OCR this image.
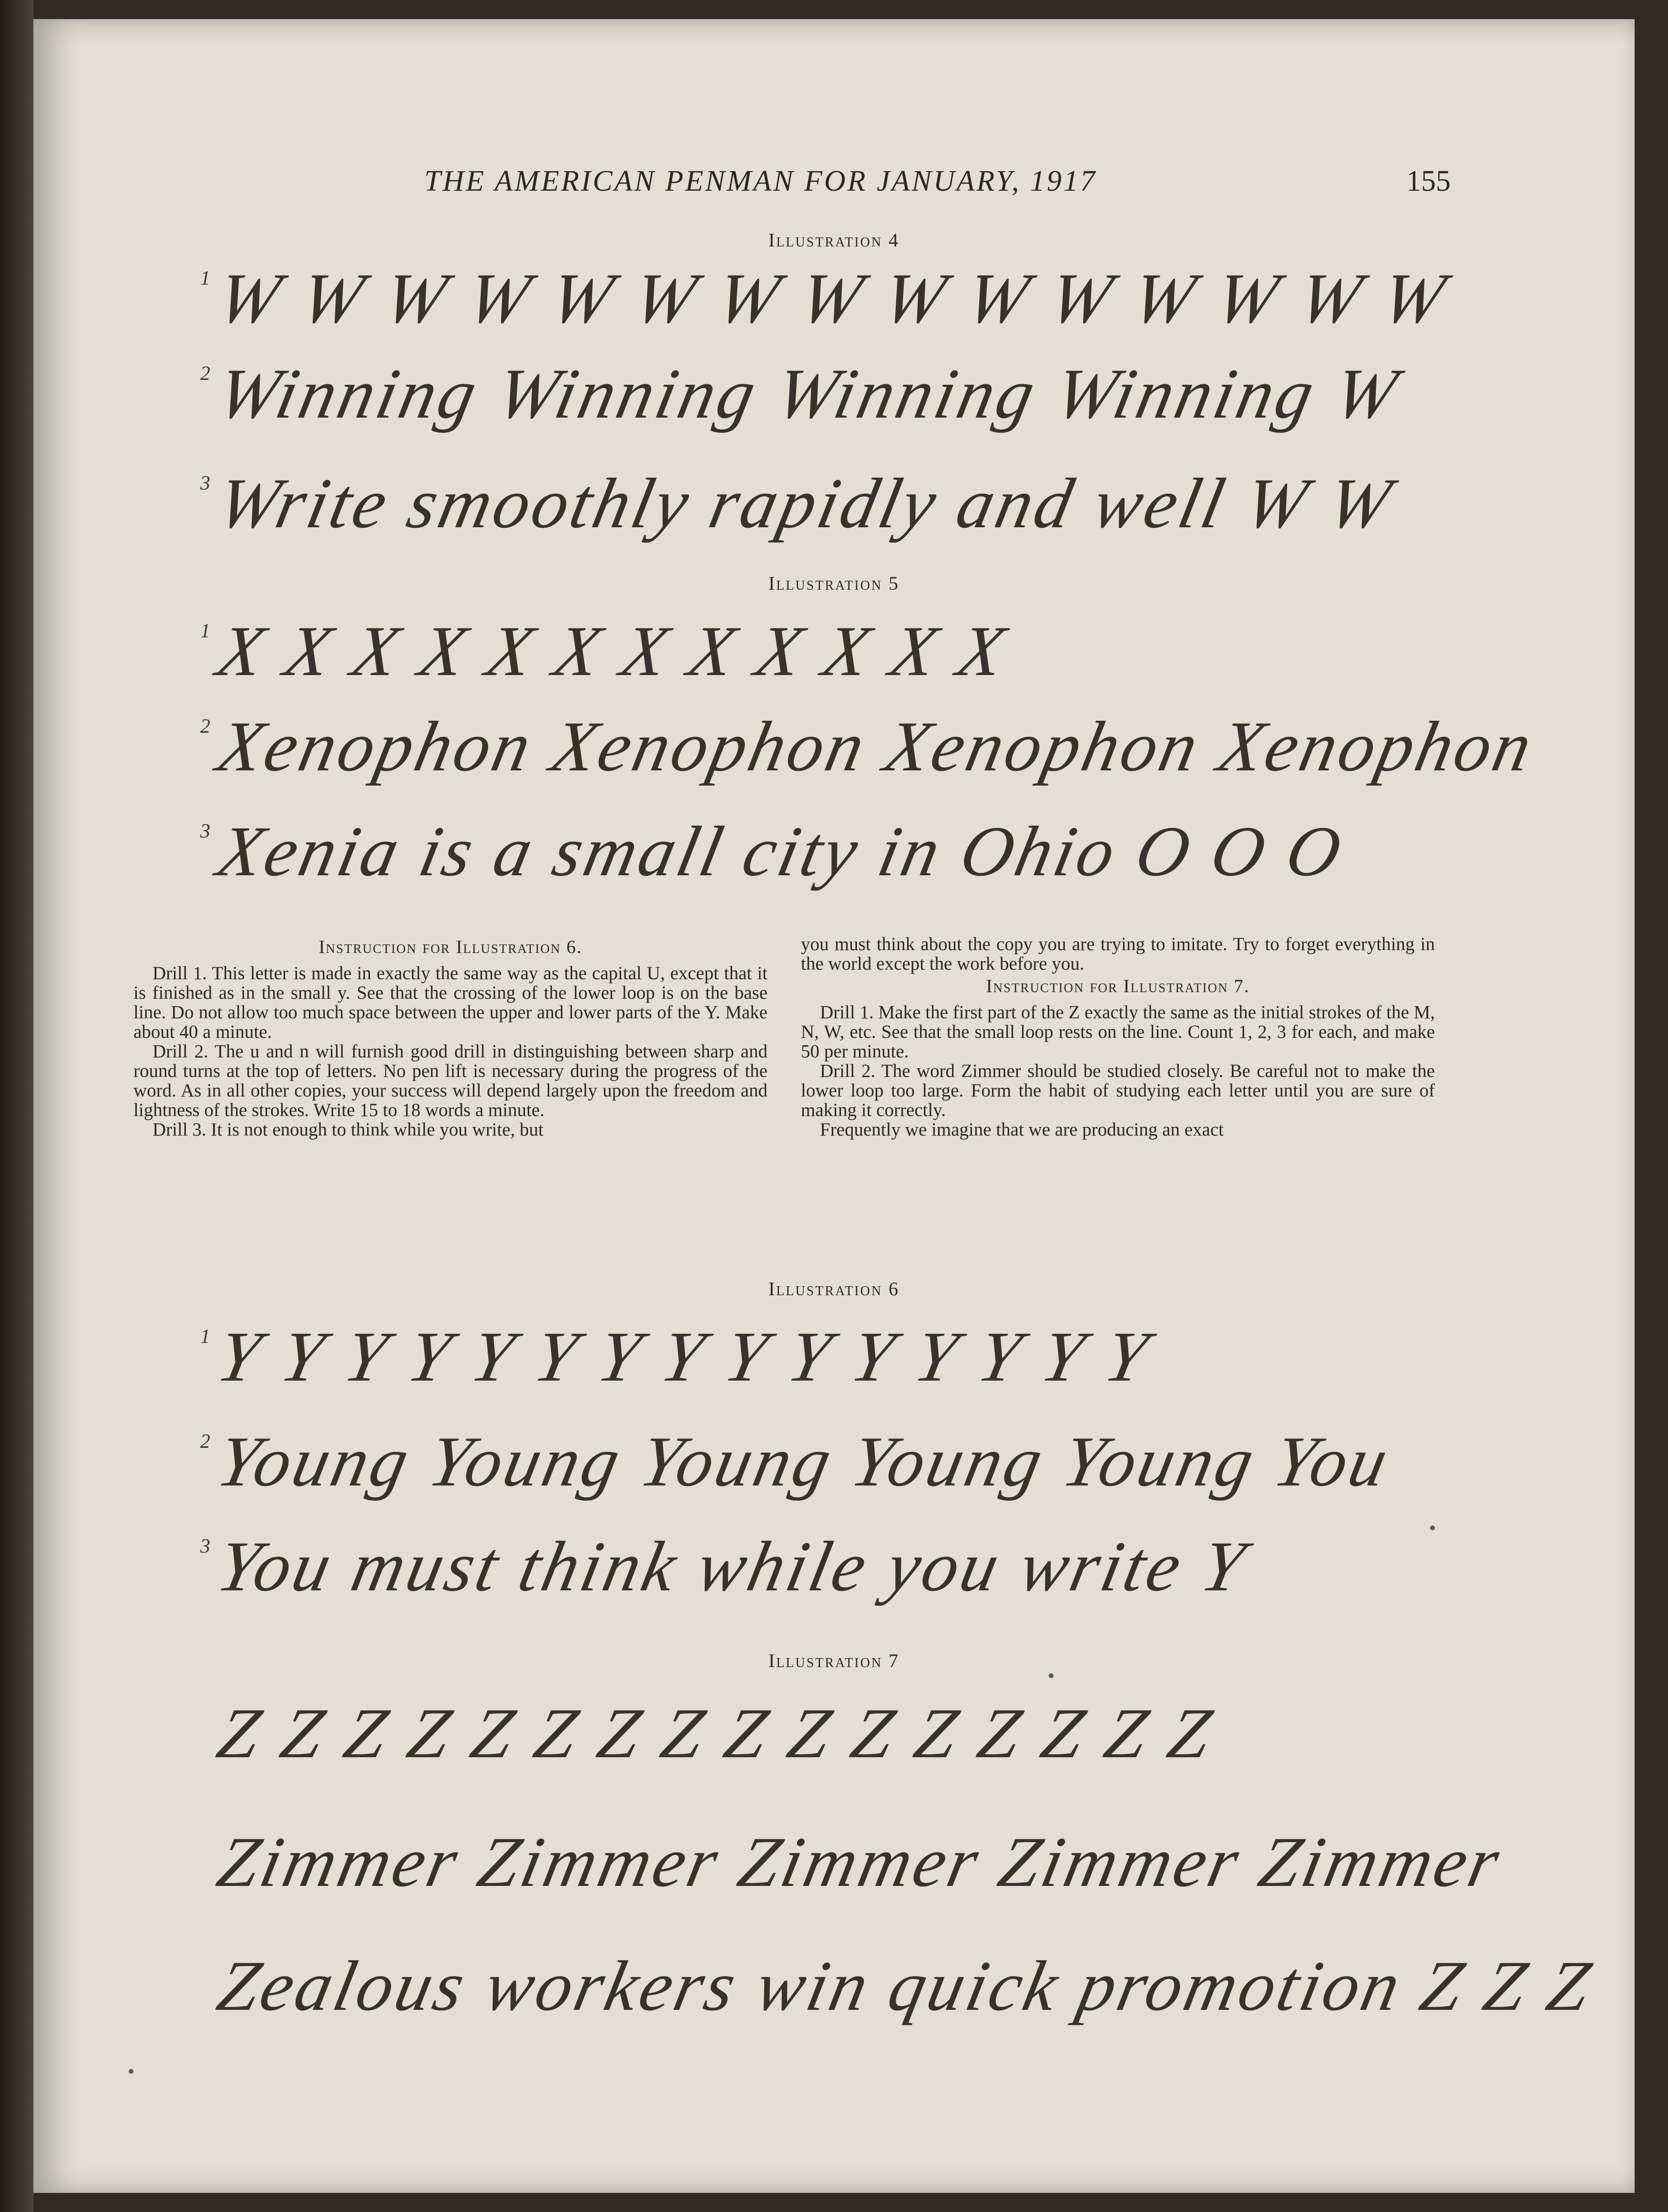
)
THE AMERICAN PENMAN FOR JANUARY, 1917	155
Illustration 4
1 W W W W W W W W W W W W W W W
2 Winning Winning Winning Winning W
3 Write smoothly rapidly and well W W
Illustration 5
1 X X X X X X X X X X X X
2 Xenophon Xenophon Xenophon Xenophon
3 Xenia is a small city in Ohio O O O

Instruction for Illustration 6.

Drill 1. This letter is made in exactly the same way as the capital U, except that it is finished as in the small y. See that the crossing of the lower loop is on the base line. Do not allow too much space between the upper and lower parts of the Y. Make about 40 a minute.

Drill 2. The u and n will furnish good drill in distinguishing between sharp and round turns at the top of letters. No pen lift is necessary during the progress of the word. As in all other copies, your success will depend largely upon the freedom and lightness of the strokes. Write 15 to 18 words a minute.

Drill 3. It is not enough to think while you write, but

you must think about the copy you are trying to imitate. Try to forget everything in the world except the work before you.

Instruction for Illustration 7.

Drill 1. Make the first part of the Z exactly the same as the initial strokes of the M, N, W, etc. See that the small loop rests on the line. Count 1, 2, 3 for each, and make 50 per minute.

Drill 2. The word Zimmer should be studied closely. Be careful not to make the lower loop too large. Form the habit of studying each letter until you are sure of making it correctly.

Frequently we imagine that we are producing an exact

Illustration 6
1 Y Y Y Y Y Y Y Y Y Y Y Y Y Y Y
2 Young Young Young Young Young You
3 You must think while you write Y
Illustration 7
Z Z Z Z Z Z Z Z Z Z Z Z Z Z Z Z
Zimmer Zimmer Zimmer Zimmer Zimmer
Zealous workers win quick promotion Z Z Z
